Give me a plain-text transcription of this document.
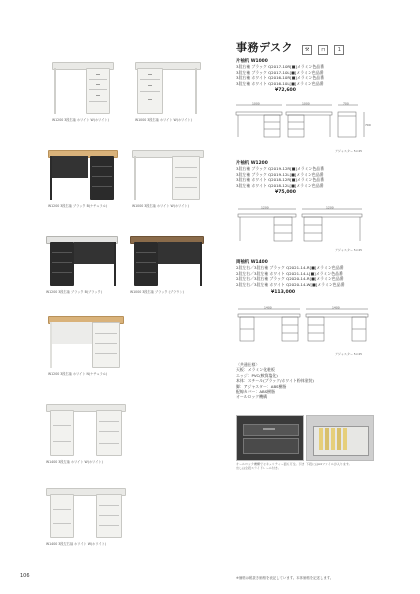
W1200 3段右袖 ホワイト W(ホワイト)	W1000 3段右袖 ホワイト W(ホワイト)
W1200 3段右袖 ブラック B(ナチュラル)	W1000 3段右袖 ホワイト W(ホワイト)
W1200 3段右袖 ブラック B(ブラック)	W1000 3段右袖 ブラック (ブラウン)
W1200 3段右袖 ホワイト N(ナチュラル)
W1400 3段左袖 ホワイト W(ホワイト)
W1400 3段左右袖 ホワイト W(ホワイト)
事務デスク ⚒ ⊓	1
片袖机 W1000
3段右袖 ブラック Q2017-10R[■]メラミン色品番
3段左袖 ブラック Q2017-10L[■]メラミン色品番
3段右袖 ホワイト Q2016-10R[■]メラミン色品番
3段左袖 ホワイト Q2016-10L[■]メラミン色品番
¥72,600
1000	1000	700
700
アジャスター 5×45
片袖机 W1200
3段右袖 ブラック Q2019-12R[■]メラミン色品番
3段左袖 ブラック Q2019-12L[■]メラミン色品番
3段右袖 ホワイト Q2018-12R[■]メラミン色品番
3段左袖 ホワイト Q2018-12L[■]メラミン色品番
¥75,000
1200	1200
アジャスター 5×45
両袖机 W1400
2段左右／3段右袖 ブラック Q2021-14-R[■]メラミン色品番
2段左右／3段左袖 ホワイト Q2021-14-L[■]メラミン色品番
2段左右／3段右袖 ブラック Q2020-14-R[■]メラミン色品番
2段左右／3段左袖 ホワイト Q2020-14-W[■]メラミン色品番
¥113,000
1400	1400
アジャスター 5×45
〈共通仕様〉
天板：メラミン化粧板
エッジ：PVC(軟質塩化)
本体：スチール(ブラック/ホワイト粉体塗装)
脚：アジャスター：ABS樹脂
配線カバー：ABS樹脂
オールロック機構
オールロック機構でセキュリティー面も万全。引き出しは全段スライドレール付き。
下段にはA4ファイルが入ります。
106	※価格は税抜き価格を表記しています。本体価格を記述します。
